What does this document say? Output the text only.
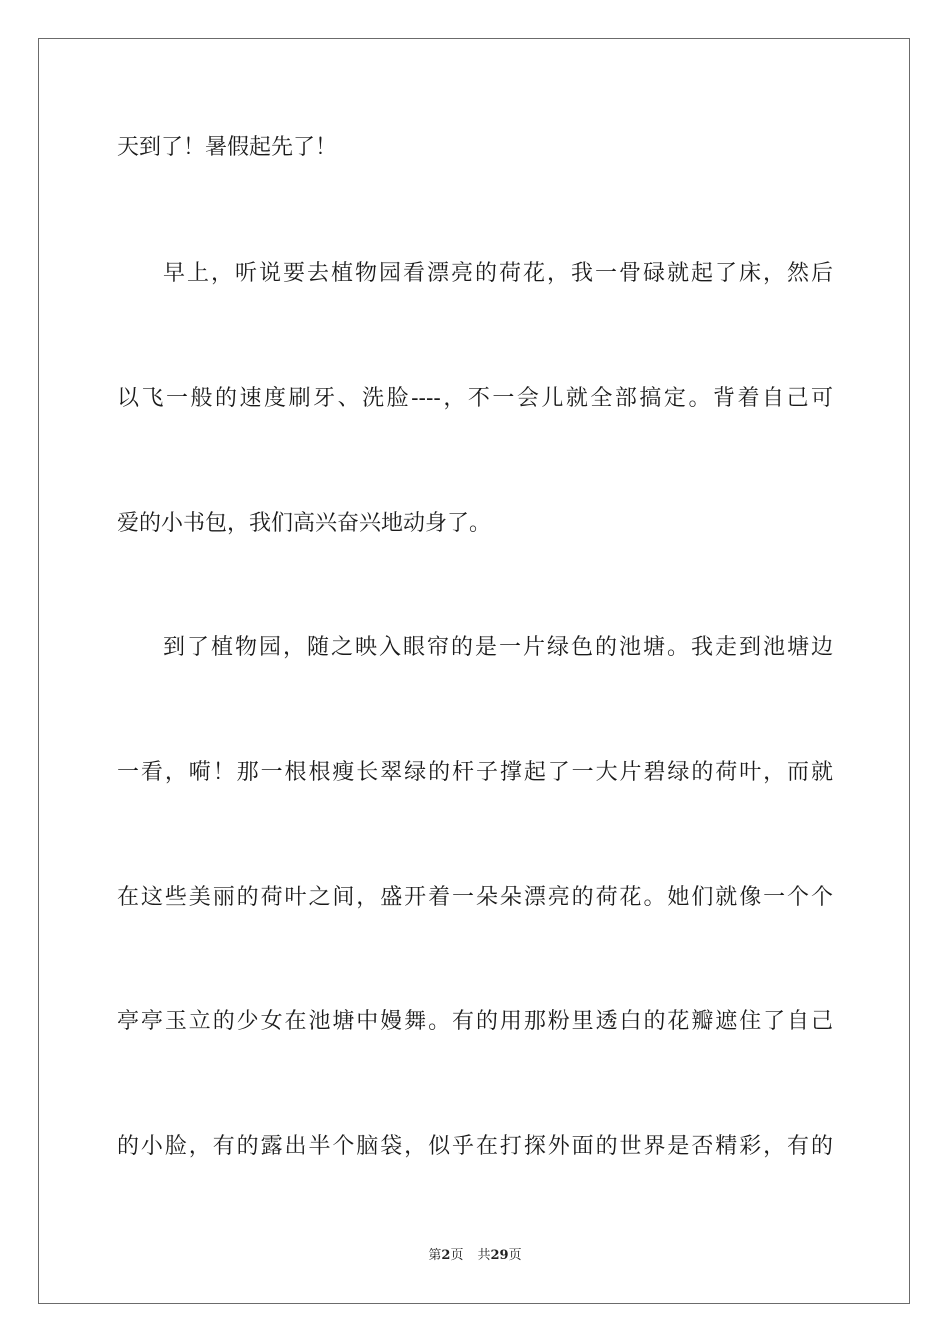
天到了！暑假起先了！
早上，听说要去植物园看漂亮的荷花，我一骨碌就起了床，然后
以飞一般的速度刷牙、洗脸----，不一会儿就全部搞定。背着自己可
爱的小书包，我们高兴奋兴地动身了。
到了植物园，随之映入眼帘的是一片绿色的池塘。我走到池塘边
一看，嗬！那一根根瘦长翠绿的杆子撑起了一大片碧绿的荷叶，而就
在这些美丽的荷叶之间，盛开着一朵朵漂亮的荷花。她们就像一个个
亭亭玉立的少女在池塘中嫚舞。有的用那粉里透白的花瓣遮住了自己
的小脸，有的露出半个脑袋，似乎在打探外面的世界是否精彩，有的
第2页 共29页
